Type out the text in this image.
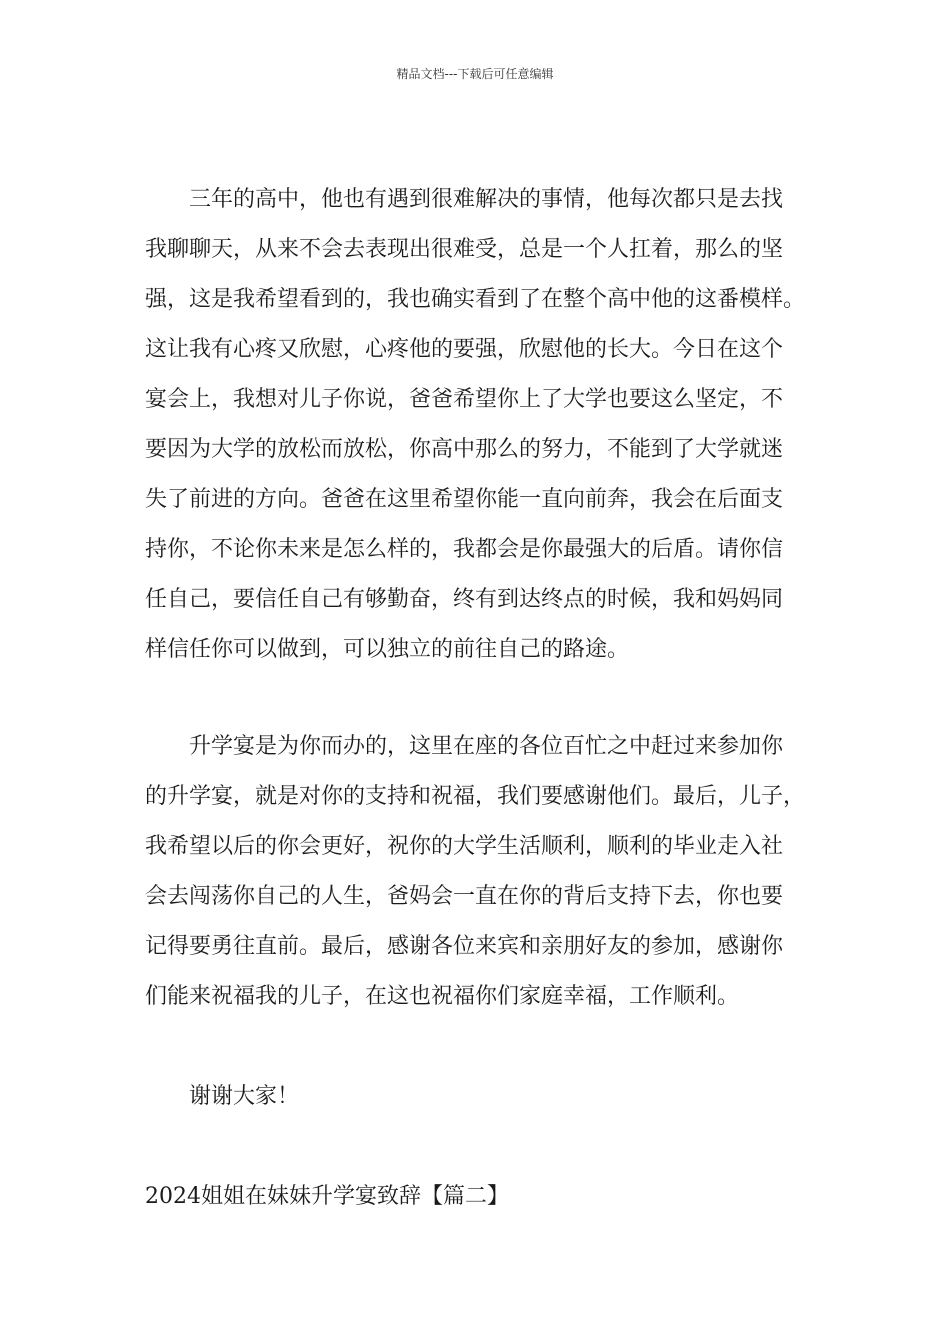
精品文档---下载后可任意编辑
三年的高中，他也有遇到很难解决的事情，他每次都只是去找
我聊聊天，从来不会去表现出很难受，总是一个人扛着，那么的坚
强，这是我希望看到的，我也确实看到了在整个高中他的这番模样。
这让我有心疼又欣慰，心疼他的要强，欣慰他的长大。今日在这个
宴会上，我想对儿子你说，爸爸希望你上了大学也要这么坚定，不
要因为大学的放松而放松，你高中那么的努力，不能到了大学就迷
失了前进的方向。爸爸在这里希望你能一直向前奔，我会在后面支
持你，不论你未来是怎么样的，我都会是你最强大的后盾。请你信
任自己，要信任自己有够勤奋，终有到达终点的时候，我和妈妈同
样信任你可以做到，可以独立的前往自己的路途。
升学宴是为你而办的，这里在座的各位百忙之中赶过来参加你
的升学宴，就是对你的支持和祝福，我们要感谢他们。最后，儿子，
我希望以后的你会更好，祝你的大学生活顺利，顺利的毕业走入社
会去闯荡你自己的人生，爸妈会一直在你的背后支持下去，你也要
记得要勇往直前。最后，感谢各位来宾和亲朋好友的参加，感谢你
们能来祝福我的儿子，在这也祝福你们家庭幸福，工作顺利。
谢谢大家！
2024姐姐在妹妹升学宴致辞【篇二】
